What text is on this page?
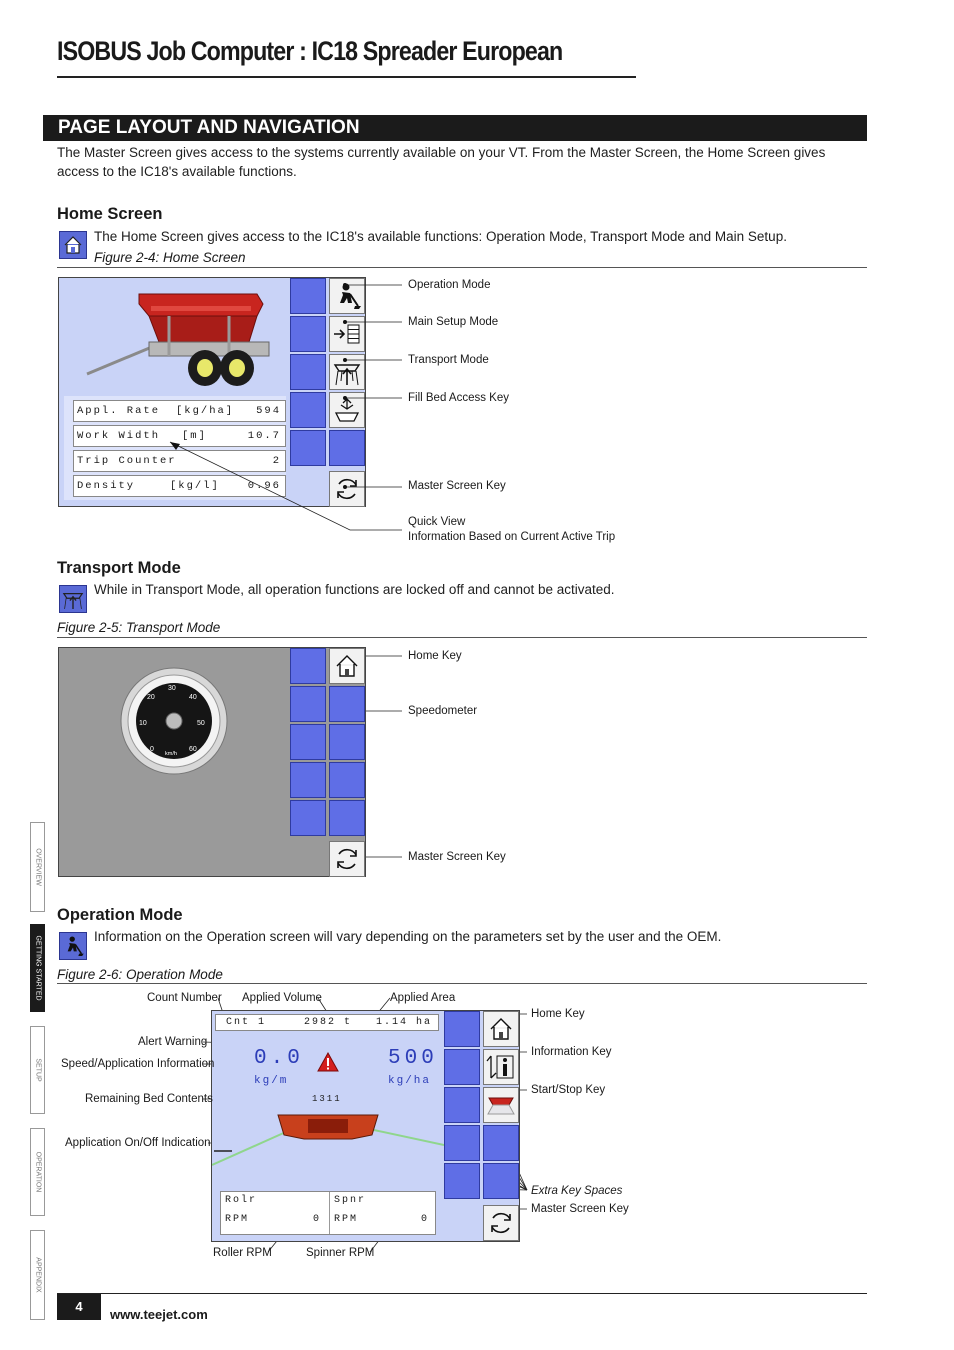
ISOBUS Job Computer : IC18 Spreader European
PAGE LAYOUT AND NAVIGATION
The Master Screen gives access to the systems currently available on your VT. From the Master Screen, the Home Screen gives access to the IC18's available functions.
Home Screen
The Home Screen gives access to the IC18's available functions: Operation Mode, Transport Mode and Main Setup.
Figure 2-4: Home Screen
Appl. Rate [kg/ha] 594
Work Width [m]	10.7
Trip Counter	2
Density	[kg/l]	0.96
Operation Mode
Main Setup Mode
Transport Mode
Fill Bed Access Key
Master Screen Key
Quick View
Information Based on Current Active Trip
Transport Mode
While in Transport Mode, all operation functions are locked off and cannot be activated.
Figure 2-5: Transport Mode
0
10
20
30
40
50
60
km/h
Home Key
Speedometer
Master Screen Key
Operation Mode
Information on the Operation screen will vary depending on the parameters set by the user and the OEM.
Figure 2-6: Operation Mode
Cnt 1	2982 t 1.14 ha
0.0
kg/m
500
kg/ha
1311
Rolr
RPM	0
Spnr
RPM	0
Count Number Applied Volume	Applied Area
Alert Warning
Speed/Application Information
Remaining Bed Contents
Application On/Off Indication
Roller RPM	Spinner RPM
Home Key
Information Key
Start/Stop Key
Extra Key Spaces
Master Screen Key
OVERVIEW
GETTING STARTED
SETUP
OPERATION
APPENDIX
4
www.teejet.com
